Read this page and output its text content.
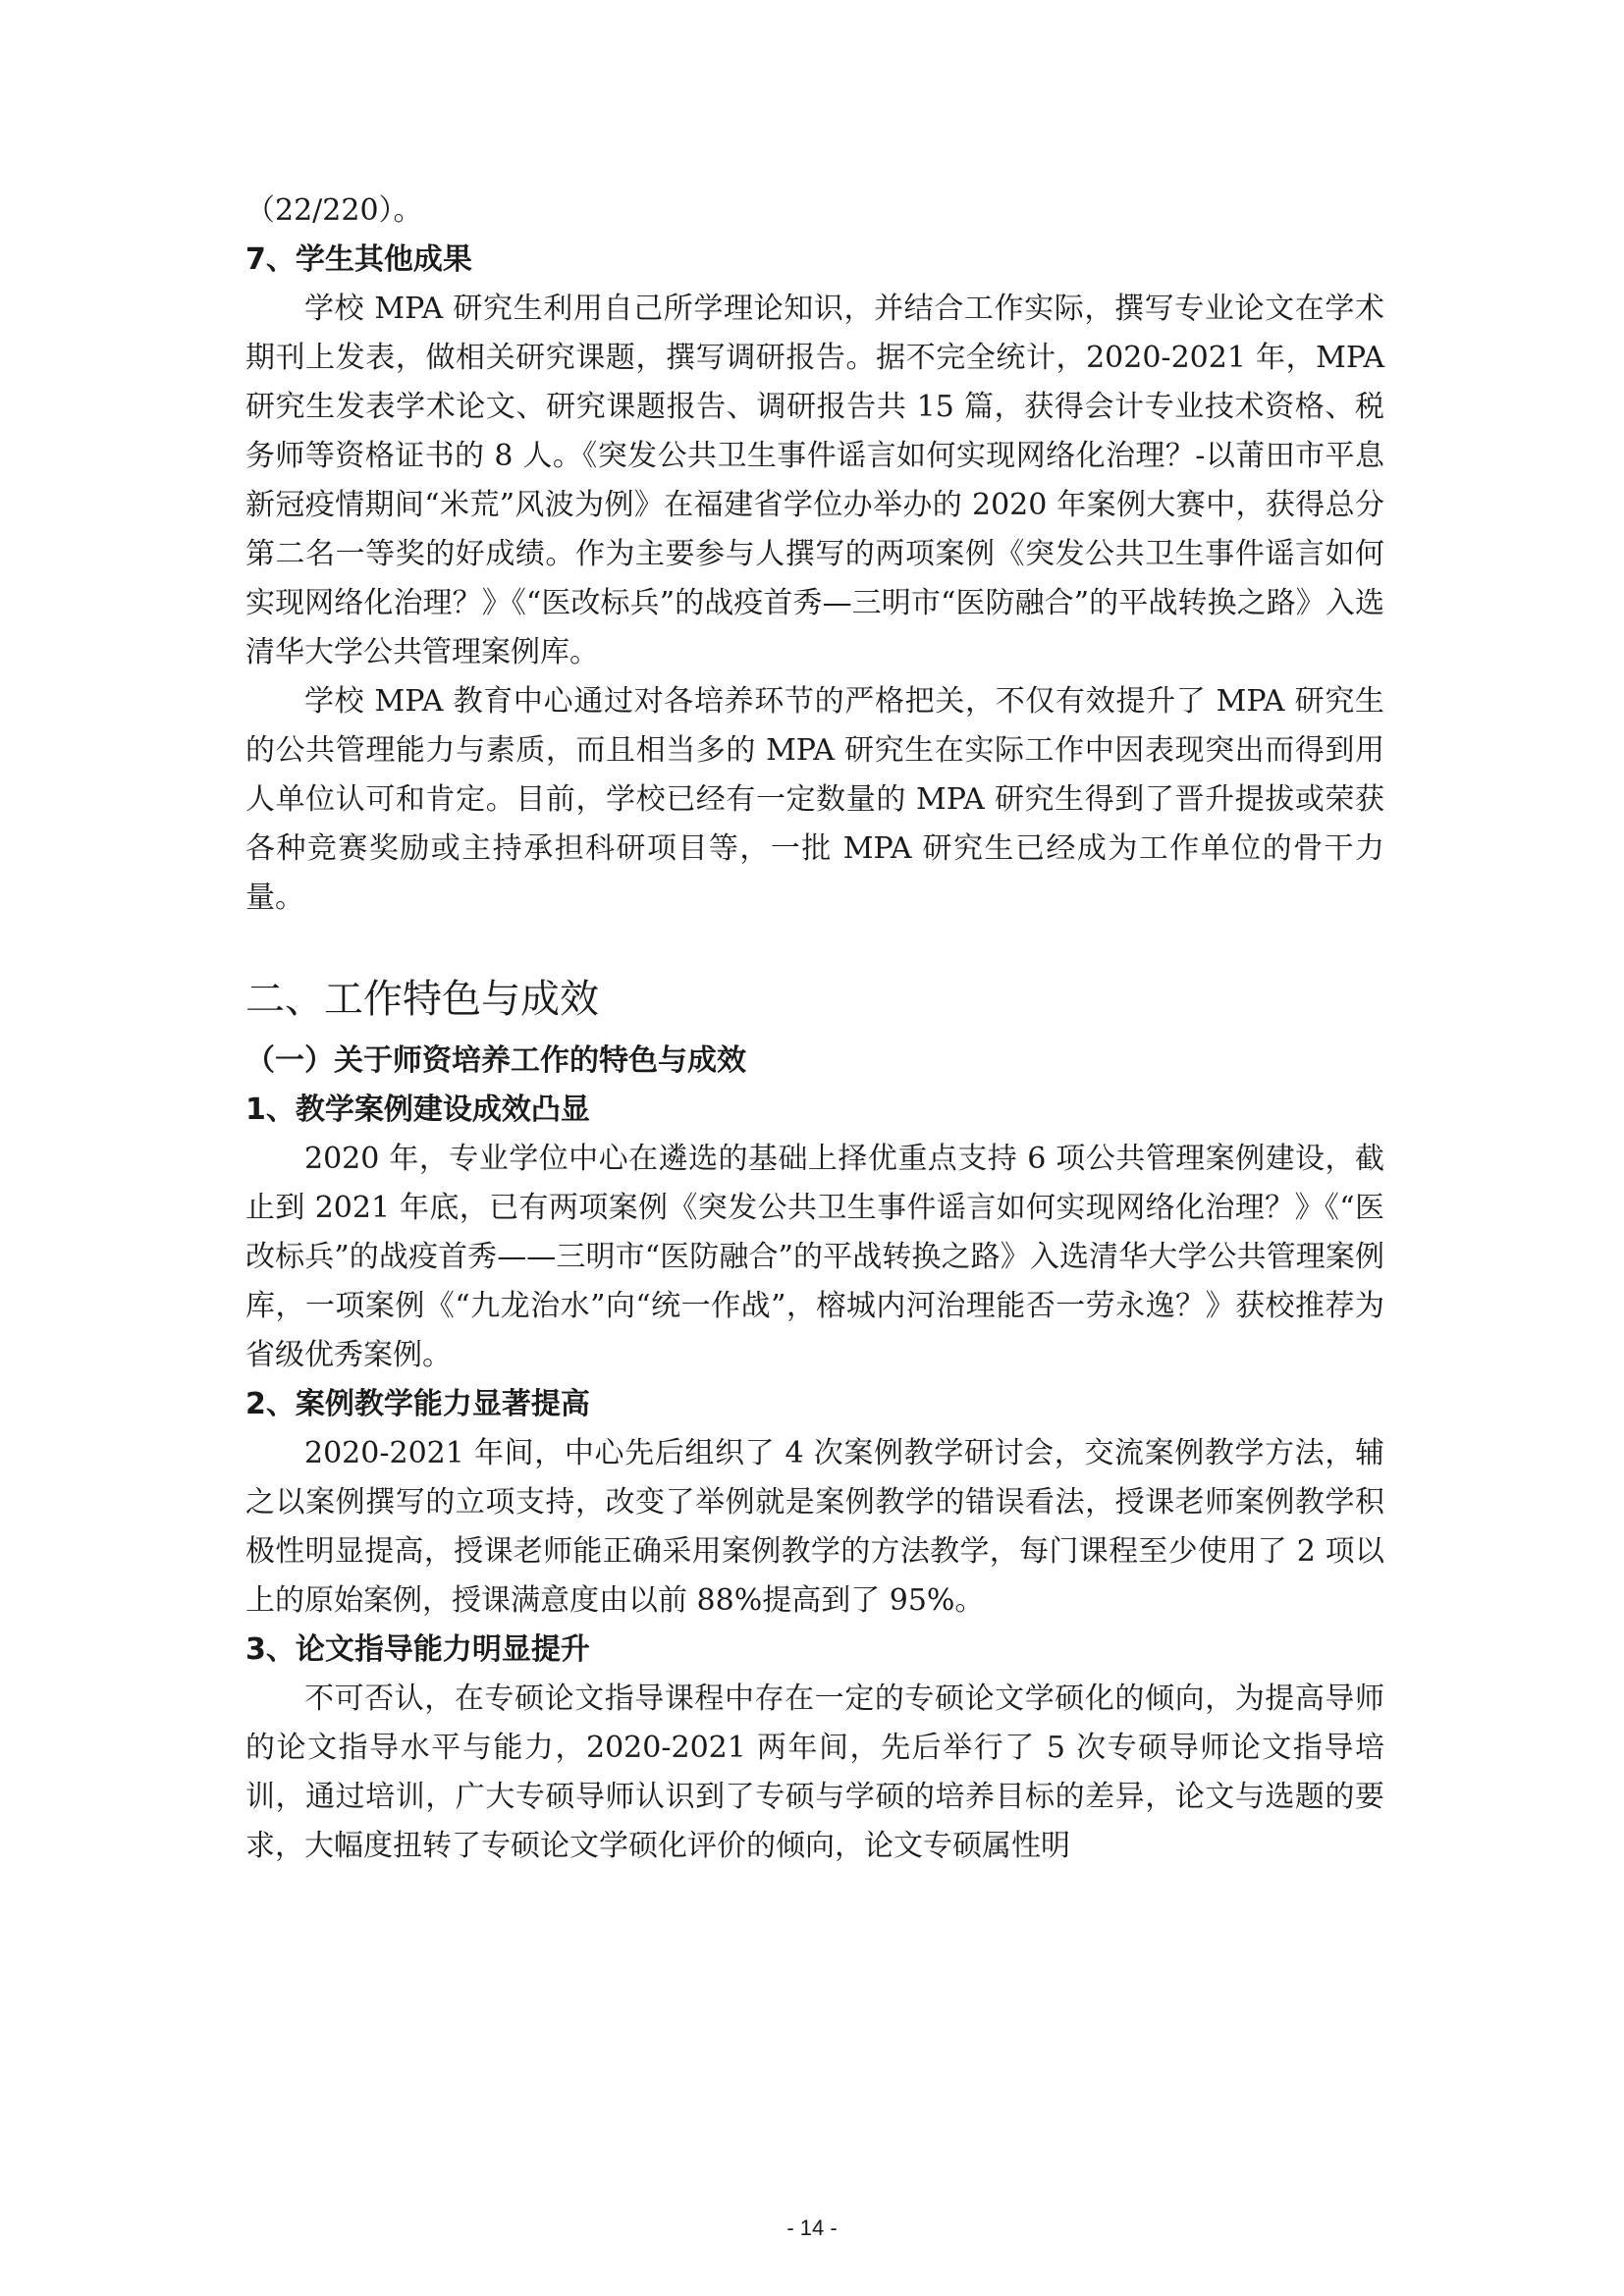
（22/220）。

7、学生其他成果

学校 MPA 研究生利用自己所学理论知识，并结合工作实际，撰写专业论文在学术期刊上发表，做相关研究课题，撰写调研报告。据不完全统计，2020-2021 年，MPA 研究生发表学术论文、研究课题报告、调研报告共 15 篇，获得会计专业技术资格、税务师等资格证书的 8 人。《突发公共卫生事件谣言如何实现网络化治理？-以莆田市平息新冠疫情期间“米荒”风波为例》在福建省学位办举办的 2020 年案例大赛中，获得总分第二名一等奖的好成绩。作为主要参与人撰写的两项案例《突发公共卫生事件谣言如何实现网络化治理？》《“医改标兵”的战疫首秀—三明市“医防融合”的平战转换之路》入选清华大学公共管理案例库。

学校 MPA 教育中心通过对各培养环节的严格把关，不仅有效提升了 MPA 研究生的公共管理能力与素质，而且相当多的 MPA 研究生在实际工作中因表现突出而得到用人单位认可和肯定。目前，学校已经有一定数量的 MPA 研究生得到了晋升提拔或荣获各种竞赛奖励或主持承担科研项目等，一批 MPA 研究生已经成为工作单位的骨干力量。

二、工作特色与成效
（一）关于师资培养工作的特色与成效
1、教学案例建设成效凸显

2020 年，专业学位中心在遴选的基础上择优重点支持 6 项公共管理案例建设，截止到 2021 年底，已有两项案例《突发公共卫生事件谣言如何实现网络化治理？》《“医改标兵”的战疫首秀——三明市“医防融合”的平战转换之路》入选清华大学公共管理案例库，一项案例《“九龙治水”向“统一作战”，榕城内河治理能否一劳永逸？》获校推荐为省级优秀案例。

2、案例教学能力显著提高

2020-2021 年间，中心先后组织了 4 次案例教学研讨会，交流案例教学方法，辅之以案例撰写的立项支持，改变了举例就是案例教学的错误看法，授课老师案例教学积极性明显提高，授课老师能正确采用案例教学的方法教学，每门课程至少使用了 2 项以上的原始案例，授课满意度由以前 88%提高到了 95%。

3、论文指导能力明显提升

不可否认，在专硕论文指导课程中存在一定的专硕论文学硕化的倾向，为提高导师的论文指导水平与能力，2020-2021 两年间，先后举行了 5 次专硕导师论文指导培训，通过培训，广大专硕导师认识到了专硕与学硕的培养目标的差异，论文与选题的要求，大幅度扭转了专硕论文学硕化评价的倾向，论文专硕属性明

- 14 -
